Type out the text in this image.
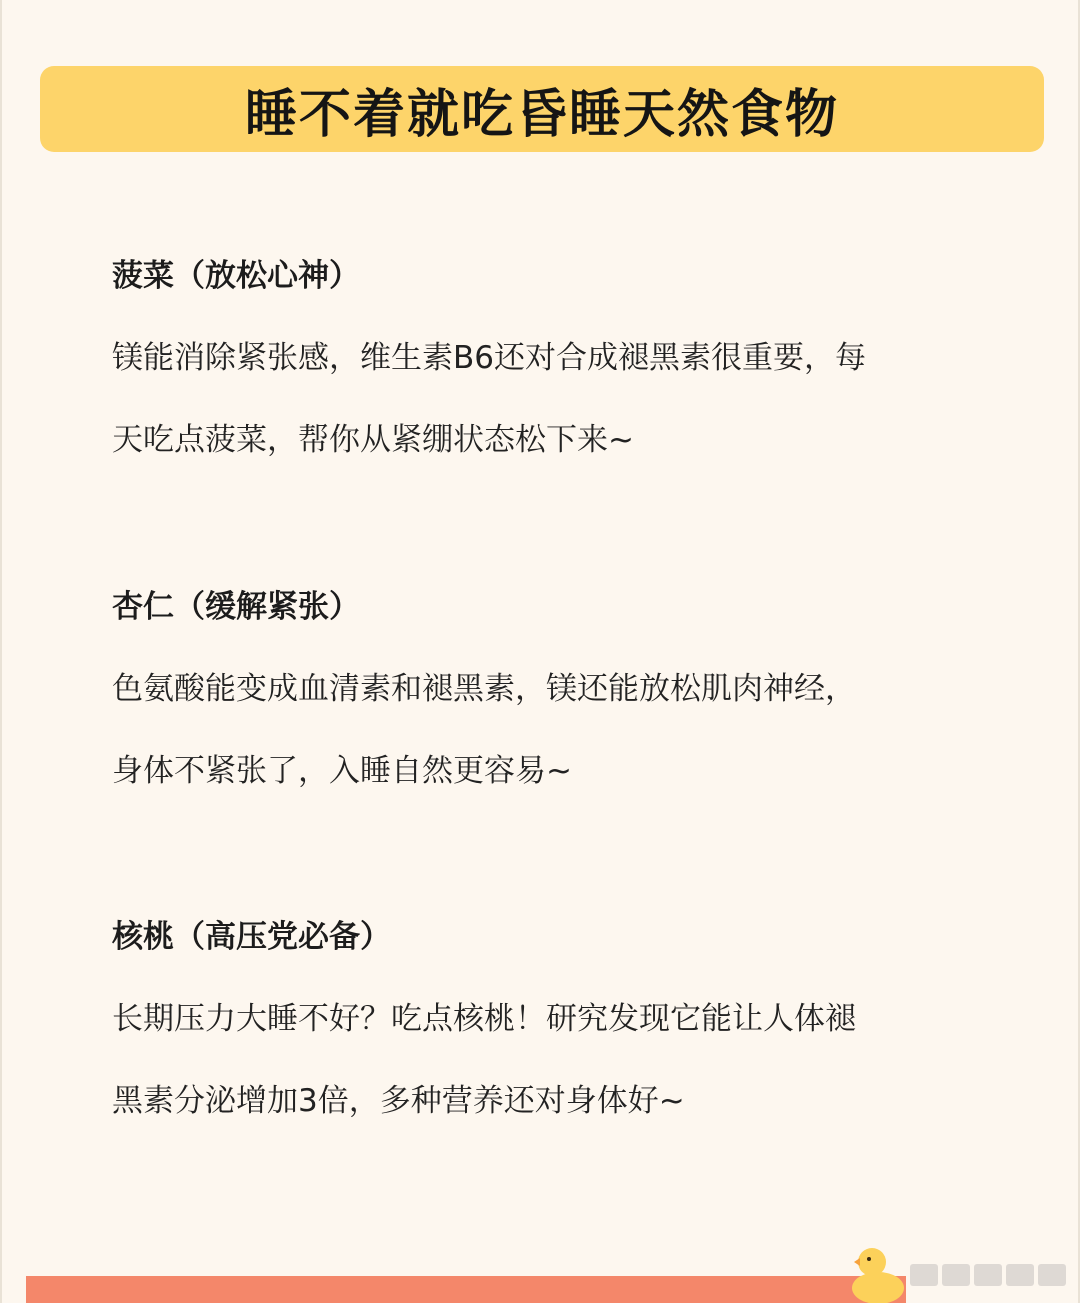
睡不着就吃昏睡天然食物
菠菜（放松心神）
镁能消除紧张感，维生素B6还对合成褪黑素很重要，每
天吃点菠菜，帮你从紧绷状态松下来~
杏仁（缓解紧张）
色氨酸能变成血清素和褪黑素，镁还能放松肌肉神经，
身体不紧张了，入睡自然更容易~
核桃（高压党必备）
长期压力大睡不好？吃点核桃！研究发现它能让人体褪
黑素分泌增加3倍，多种营养还对身体好~
